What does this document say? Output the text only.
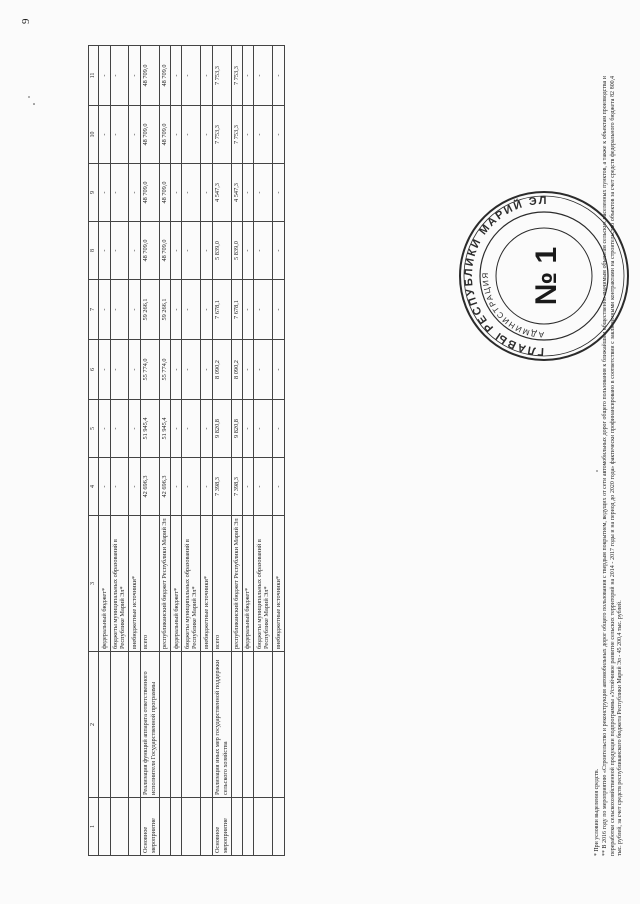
9
1	2	3	4	5	6	7	8	9	10	11
		федеральный бюджет*	-	-	-	-	-	-	-	-
		бюджеты муниципальных образований в Республике Марий Эл*	-	-	-	-	-	-	-	-
		внебюджетные источники*	-	-	-	-	-	-	-	-
Основное мероприятие	Реализация функций аппарата ответственного исполнителя Государственной программы	всего	42 696,3	51 945,4	55 774,0	59 266,1	48 709,0	48 709,0	48 709,0	48 709,0
		республиканский бюджет Республики Марий Эл	42 696,3	51 945,4	55 774,0	59 266,1	48 709,0	48 709,0	48 709,0	48 709,0
		федеральный бюджет*	-	-	-	-	-	-	-	-
		бюджеты муниципальных образований в Республике Марий Эл*	-	-	-	-	-	-	-	-
		внебюджетные источники*	-	-	-	-	-	-	-	-
Основное мероприятие	Реализация иных мер государственной поддержки сельского хозяйства	всего	7 398,3	9 820,8	8 090,2	7 678,1	5 839,0	4 547,3	7 753,3	7 753,3
		республиканский бюджет Республики Марий Эл	7 398,3	9 820,8	8 090,2	7 678,1	5 839,0	4 547,3	7 753,3	7 753,3
		федеральный бюджет*	-	-	-	-	-	-	-	-
		бюджеты муниципальных образований в Республике Марий Эл*	-	-	-	-	-	-	-	-
		внебюджетные источники*	-	-	-	-	-	-	-	-

* При условии выделения средств. ** В 2016 году по мероприятию «Строительство и реконструкция автомобильных дорог общего пользования с твердым покрытием, ведущих от сети автомобильных дорог общего пользования к ближайшим общественно значимым объектам сельских населенных пунктов, а также к объектам производства и переработки сельскохозяйственной продукции подпрограммы «Устойчивое развитие сельских территорий на 2014 - 2017 годы и на период до 2020 года» фактически профинансировано в соответствии с заключенными контрактами на строительство объектов за счет средств федерального бюджета 82 800,4 тыс. рублей, за счет средств республиканского бюджета Республики Марий Эл - 45 200,4 тыс. рублей.

ГЛАВЫ РЕСПУБЛИКИ МАРИЙ ЭЛ
АДМИНИСТРАЦИЯ	№ 1
